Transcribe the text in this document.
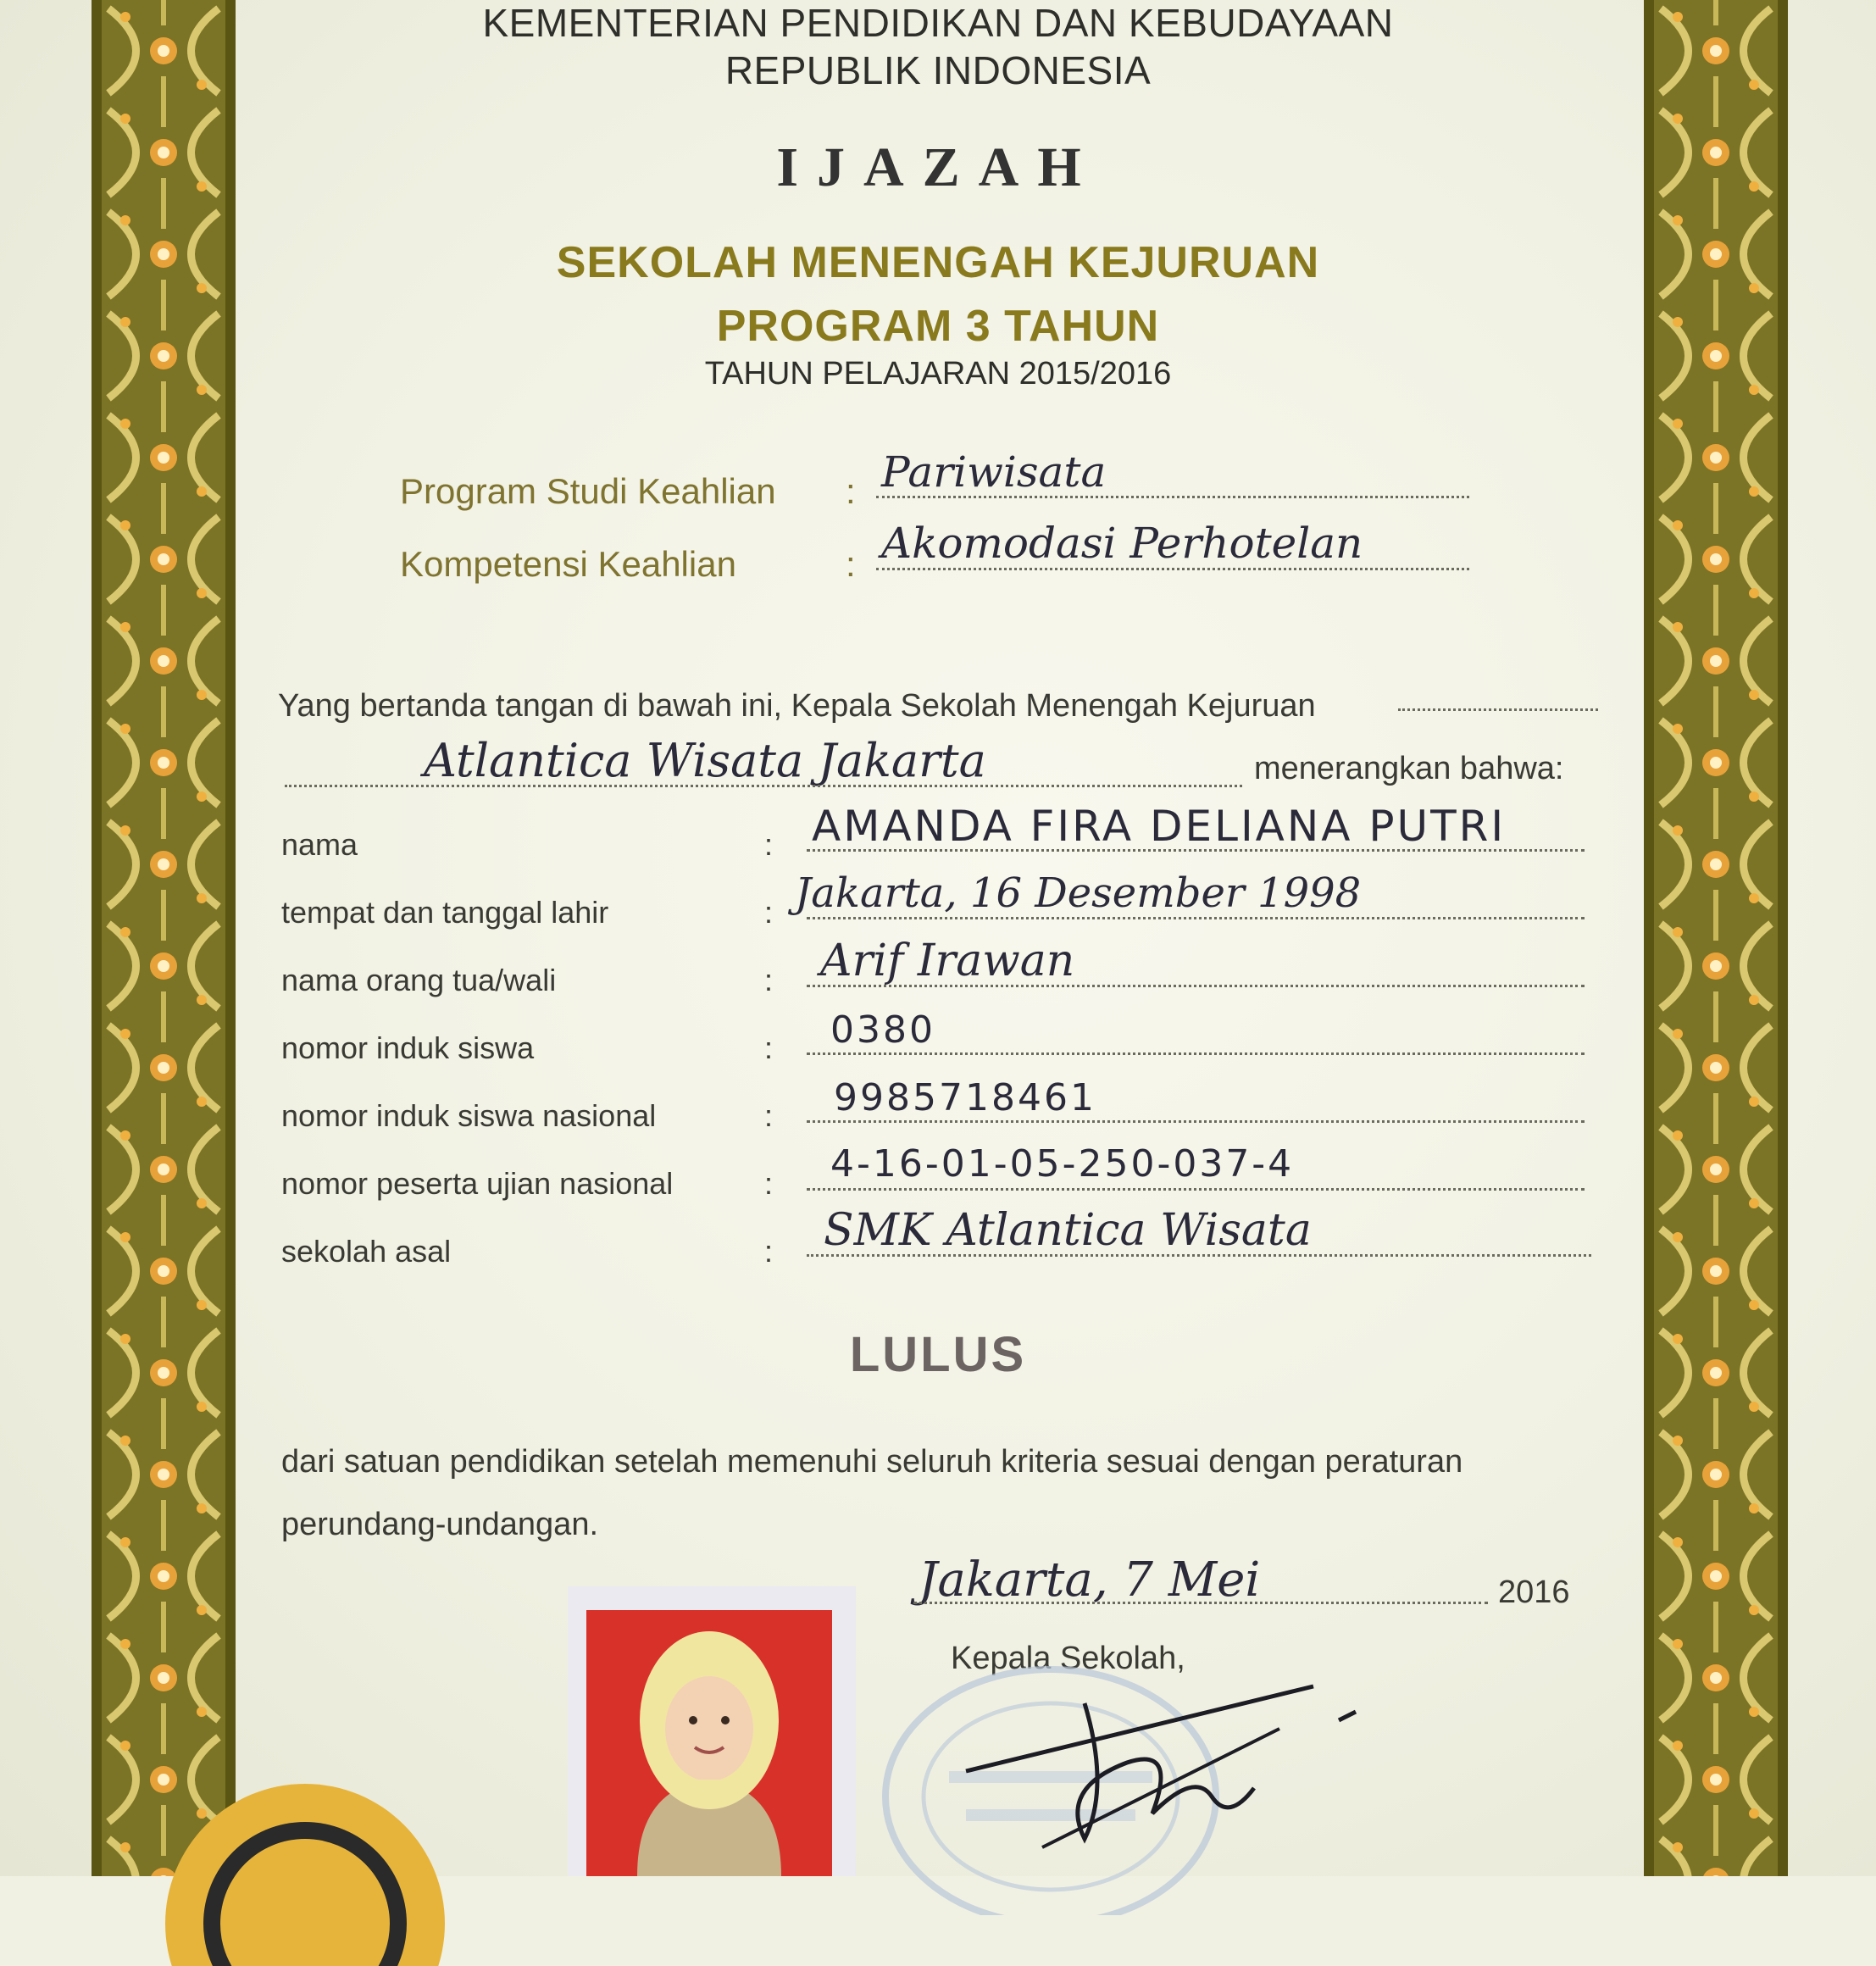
KEMENTERIAN PENDIDIKAN DAN KEBUDAYAAN
REPUBLIK INDONESIA
IJAZAH
SEKOLAH MENENGAH KEJURUAN
PROGRAM 3 TAHUN
TAHUN PELAJARAN 2015/2016
Program Studi Keahlian : Pariwisata
Kompetensi Keahlian	: Akomodasi Perhotelan
Yang bertanda tangan di bawah ini, Kepala Sekolah Menengah Kejuruan
Atlantica Wisata Jakarta	menerangkan bahwa:
nama	: AMANDA FIRA DELIANA PUTRI
tempat dan tanggal lahir	: Jakarta, 16 Desember 1998
nama orang tua/wali	: Arif Irawan
nomor induk siswa	: 0380
nomor induk siswa nasional	: 9985718461
nomor peserta ujian nasional	: 4-16-01-05-250-037-4
sekolah asal	: SMK Atlantica Wisata
LULUS
dari satuan pendidikan setelah memenuhi seluruh kriteria sesuai dengan peraturan
perundang-undangan.
Jakarta, 7 Mei	2016
Kepala Sekolah,
